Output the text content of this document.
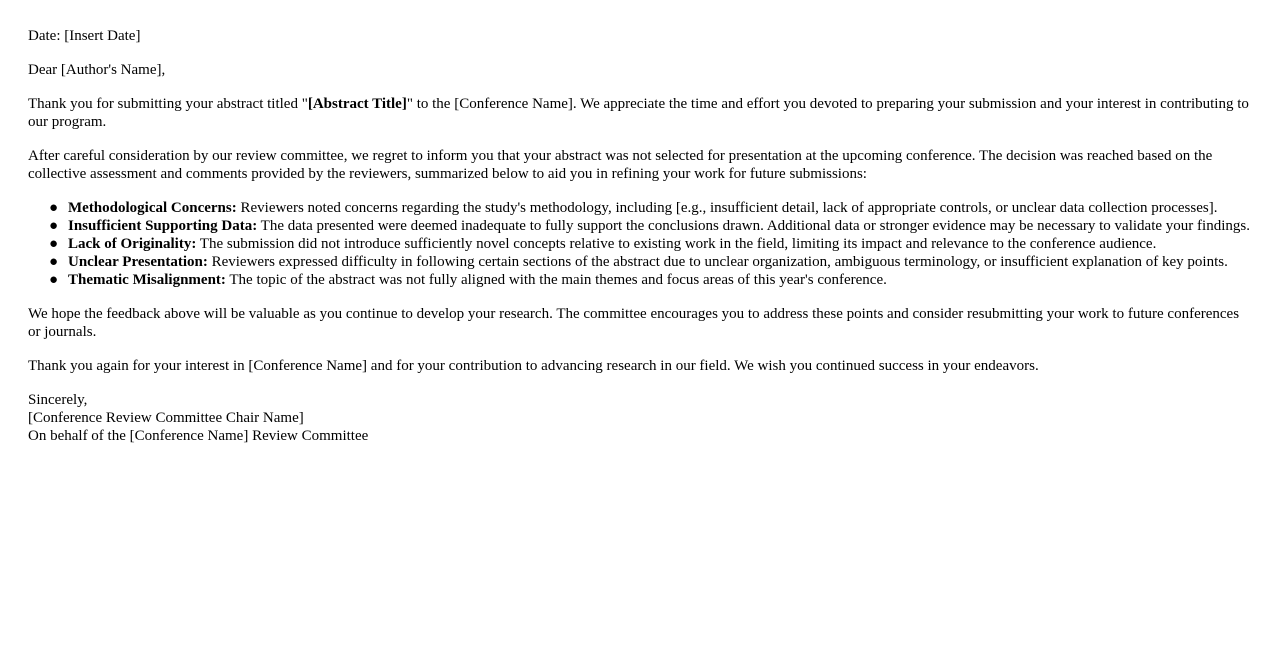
Date: [Insert Date]

Dear [Author's Name],

Thank you for submitting your abstract titled "[Abstract Title]" to the [Conference Name]. We appreciate the time and effort you devoted to preparing your submission and your interest in contributing to our program.

After careful consideration by our review committee, we regret to inform you that your abstract was not selected for presentation at the upcoming conference. The decision was reached based on the collective assessment and comments provided by the reviewers, summarized below to aid you in refining your work for future submissions:

● Methodological Concerns: Reviewers noted concerns regarding the study's methodology, including [e.g., insufficient detail, lack of appropriate controls, or unclear data collection processes].
● Insufficient Supporting Data: The data presented were deemed inadequate to fully support the conclusions drawn. Additional data or stronger evidence may be necessary to validate your findings.
● Lack of Originality: The submission did not introduce sufficiently novel concepts relative to existing work in the field, limiting its impact and relevance to the conference audience.
● Unclear Presentation: Reviewers expressed difficulty in following certain sections of the abstract due to unclear organization, ambiguous terminology, or insufficient explanation of key points.
● Thematic Misalignment: The topic of the abstract was not fully aligned with the main themes and focus areas of this year's conference.

We hope the feedback above will be valuable as you continue to develop your research. The committee encourages you to address these points and consider resubmitting your work to future conferences or journals.

Thank you again for your interest in [Conference Name] and for your contribution to advancing research in our field. We wish you continued success in your endeavors.

Sincerely,
[Conference Review Committee Chair Name]
On behalf of the [Conference Name] Review Committee
